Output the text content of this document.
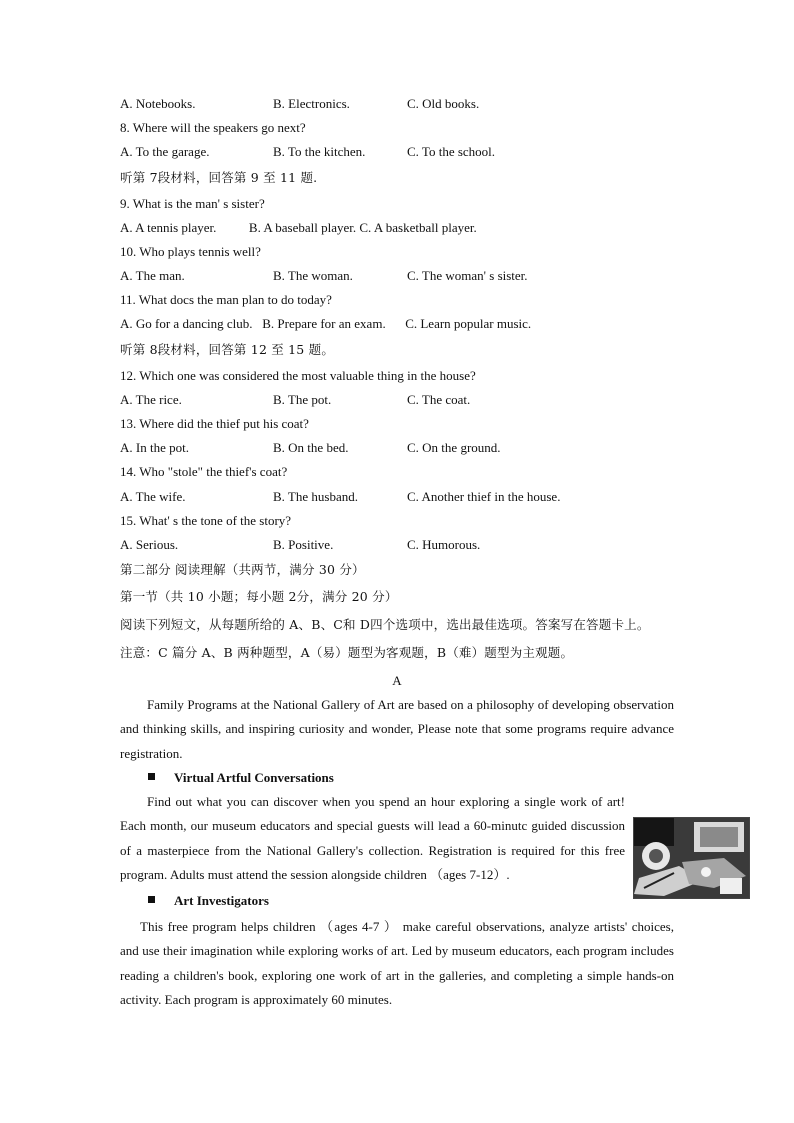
A. Notebooks.	B. Electronics.	C. Old books.
8. Where will the speakers go next?
A. To the garage.	B. To the kitchen.	C. To the school.
听第 7段材料，回答第 9 至 11 题.
9. What is the man' s sister?
A. A tennis player.          B. A baseball player. C. A basketball player.
10. Who plays tennis well?
A. The man.	B. The woman.	C. The woman' s sister.
11. What docs the man plan to do today?
A. Go for a dancing club.   B. Prepare for an exam.      C. Learn popular music.
听第 8段材料，回答第 12 至 15 题。
12. Which one was considered the most valuable thing in the house?
A. The rice.	B. The pot.	C. The coat.
13. Where did the thief put his coat?
A. In the pot.	B. On the bed.	C. On the ground.
14. Who "stole" the thief's coat?
A. The wife.	B. The husband.	C. Another thief in the house.
15. What' s the tone of the story?
A. Serious.	B. Positive.	C. Humorous.
第二部分 阅读理解（共两节，满分 30 分）
第一节（共 10 小题；每小题 2分，满分 20 分）
阅读下列短文，从每题所给的 A、B、C和 D四个选项中，选出最佳选项。答案写在答题卡上。
注意：C 篇分 A、B 两种题型，A（易）题型为客观题，B（难）题型为主观题。
A
Family Programs at the National Gallery of Art are based on a philosophy of developing observation and thinking skills, and inspiring curiosity and wonder, Please note that some programs require advance registration.
Virtual Artful Conversations
Find out what you can discover when you spend an hour exploring a single work of art! Each month, our museum educators and special guests will lead a 60-minutc guided discussion of a masterpiece from the National Gallery's collection. Registration is required for this free program. Adults must attend the session alongside children （ages 7-12）.
Art Investigators
This free program helps children （ages 4-7 ） make careful observations, analyze artists' choices, and use their imagination while exploring works of art. Led by museum educators, each program includes reading a children's book, exploring one work of art in the galleries, and completing a simple hands-on activity. Each program is approximately 60 minutes.
